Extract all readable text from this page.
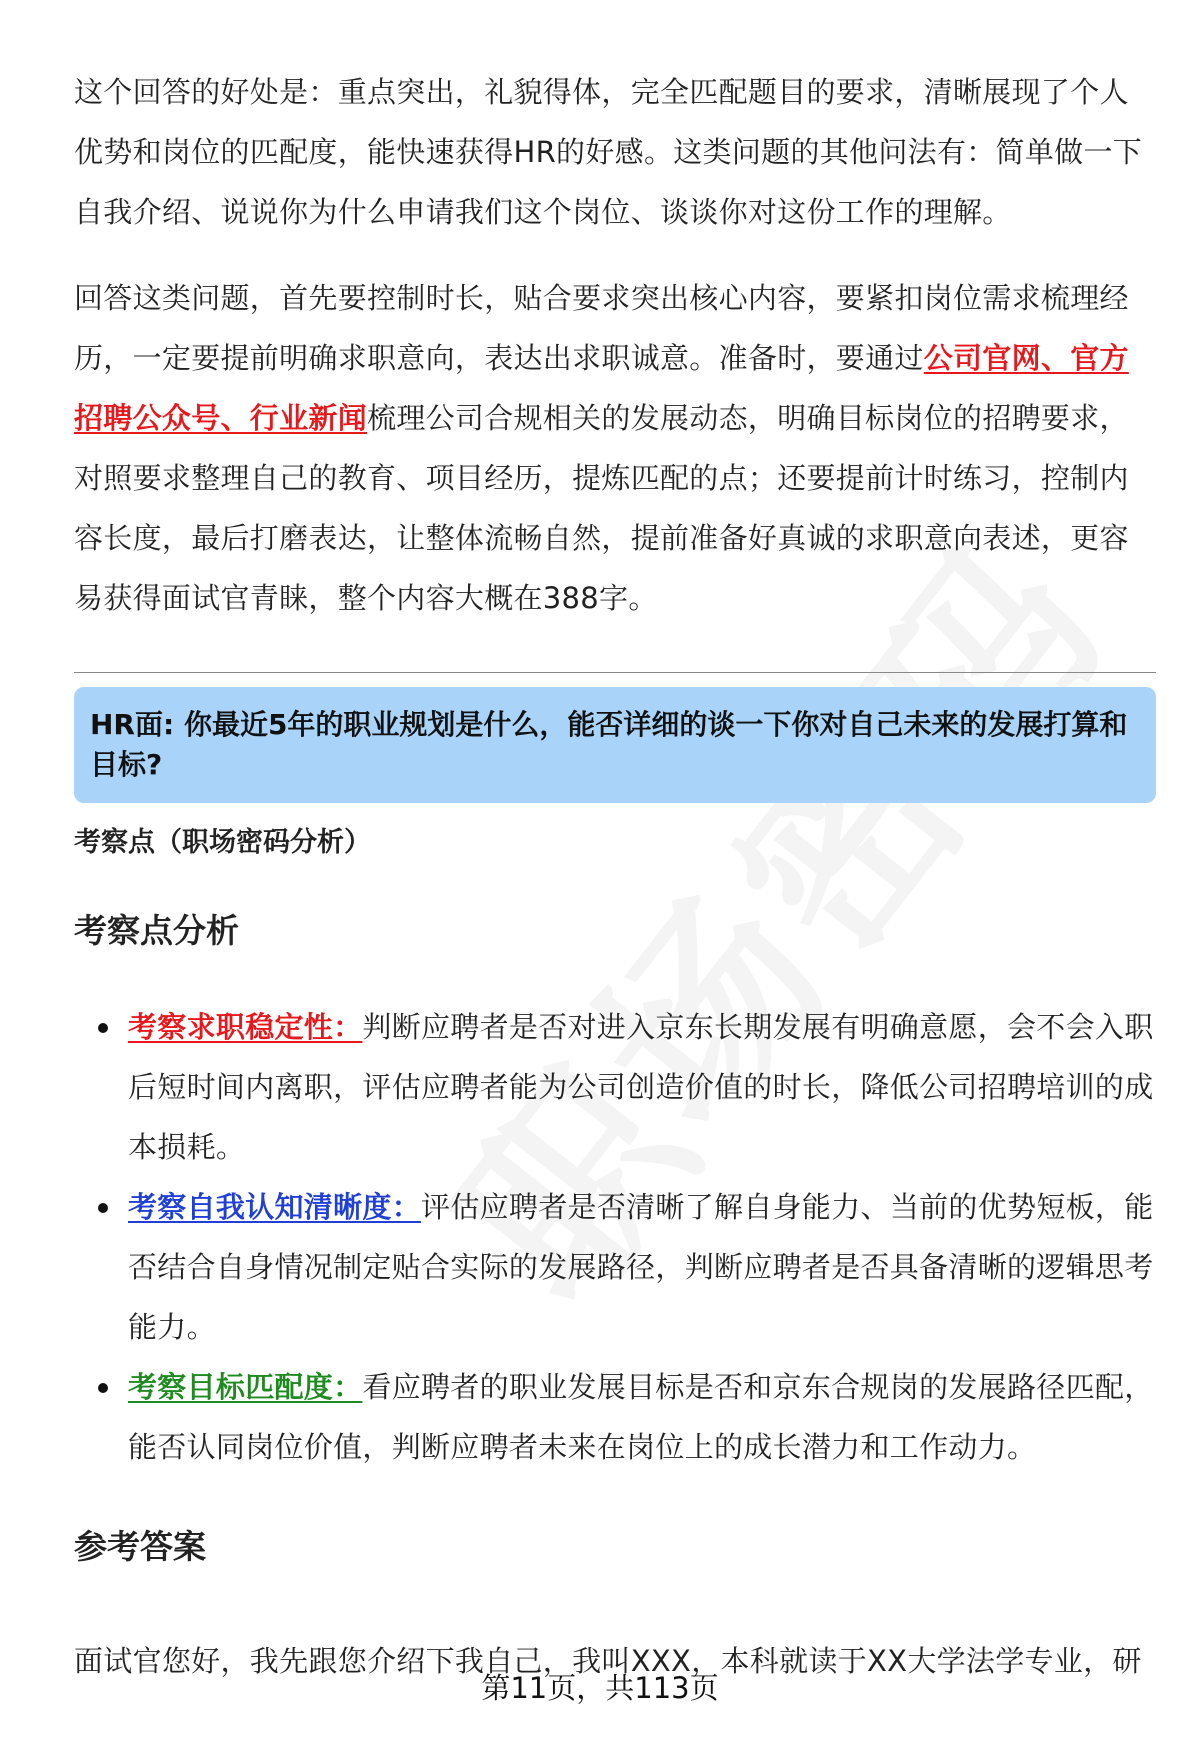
这个回答的好处是：重点突出，礼貌得体，完全匹配题目的要求，清晰展现了个人优势和岗位的匹配度，能快速获得HR的好感。这类问题的其他问法有：简单做一下自我介绍、说说你为什么申请我们这个岗位、谈谈你对这份工作的理解。

回答这类问题，首先要控制时长，贴合要求突出核心内容，要紧扣岗位需求梳理经历，一定要提前明确求职意向，表达出求职诚意。准备时，要通过公司官网、官方招聘公众号、行业新闻梳理公司合规相关的发展动态，明确目标岗位的招聘要求，对照要求整理自己的教育、项目经历，提炼匹配的点；还要提前计时练习，控制内容长度，最后打磨表达，让整体流畅自然，提前准备好真诚的求职意向表述，更容易获得面试官青睐，整个内容大概在388字。

HR面: 你最近5年的职业规划是什么，能否详细的谈一下你对自己未来的发展打算和目标?
考察点（职场密码分析）
考察点分析
考察求职稳定性：判断应聘者是否对进入京东长期发展有明确意愿，会不会入职后短时间内离职，评估应聘者能为公司创造价值的时长，降低公司招聘培训的成本损耗。
考察自我认知清晰度：评估应聘者是否清晰了解自身能力、当前的优势短板，能否结合自身情况制定贴合实际的发展路径，判断应聘者是否具备清晰的逻辑思考能力。
考察目标匹配度：看应聘者的职业发展目标是否和京东合规岗的发展路径匹配，能否认同岗位价值，判断应聘者未来在岗位上的成长潜力和工作动力。
参考答案

面试官您好，我先跟您介绍下我自己，我叫XXX，本科就读于XX大学法学专业，研

第11页，共113页
